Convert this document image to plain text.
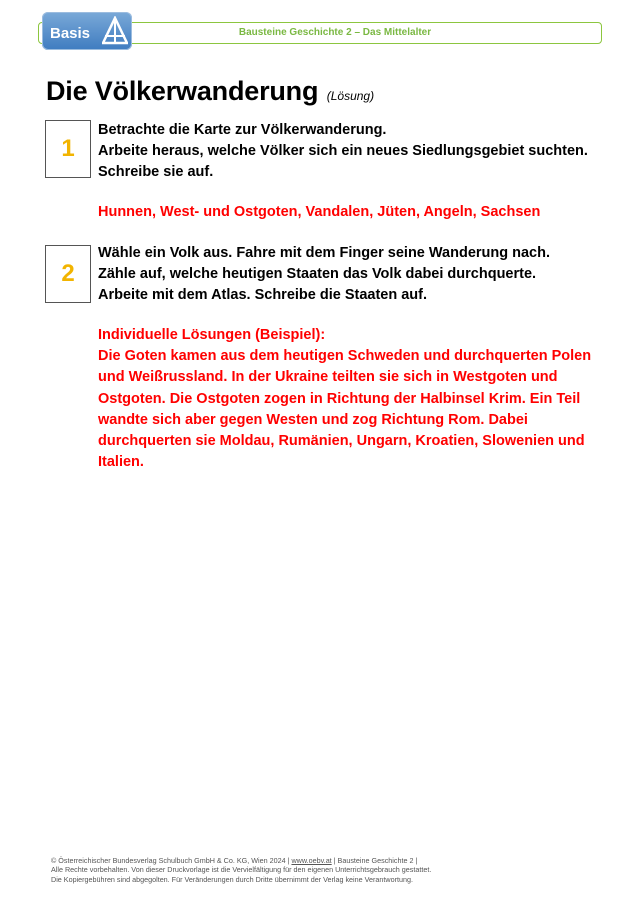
Bausteine Geschichte 2 – Das Mittelalter
Basis
Die Völkerwanderung (Lösung)
1
Betrachte die Karte zur Völkerwanderung.
Arbeite heraus, welche Völker sich ein neues Siedlungsgebiet suchten.
Schreibe sie auf.
Hunnen, West- und Ostgoten, Vandalen, Jüten, Angeln, Sachsen
2
Wähle ein Volk aus. Fahre mit dem Finger seine Wanderung nach.
Zähle auf, welche heutigen Staaten das Volk dabei durchquerte.
Arbeite mit dem Atlas. Schreibe die Staaten auf.
Individuelle Lösungen (Beispiel):
Die Goten kamen aus dem heutigen Schweden und durchquerten Polen
und Weißrussland. In der Ukraine teilten sie sich in Westgoten und
Ostgoten. Die Ostgoten zogen in Richtung der Halbinsel Krim. Ein Teil
wandte sich aber gegen Westen und zog Richtung Rom. Dabei
durchquerten sie Moldau, Rumänien, Ungarn, Kroatien, Slowenien und
Italien.
© Österreichischer Bundesverlag Schulbuch GmbH & Co. KG, Wien 2024 | www.oebv.at | Bausteine Geschichte 2 |
Alle Rechte vorbehalten. Von dieser Druckvorlage ist die Vervielfältigung für den eigenen Unterrichtsgebrauch gestattet.
Die Kopiergebühren sind abgegolten. Für Veränderungen durch Dritte übernimmt der Verlag keine Verantwortung.
